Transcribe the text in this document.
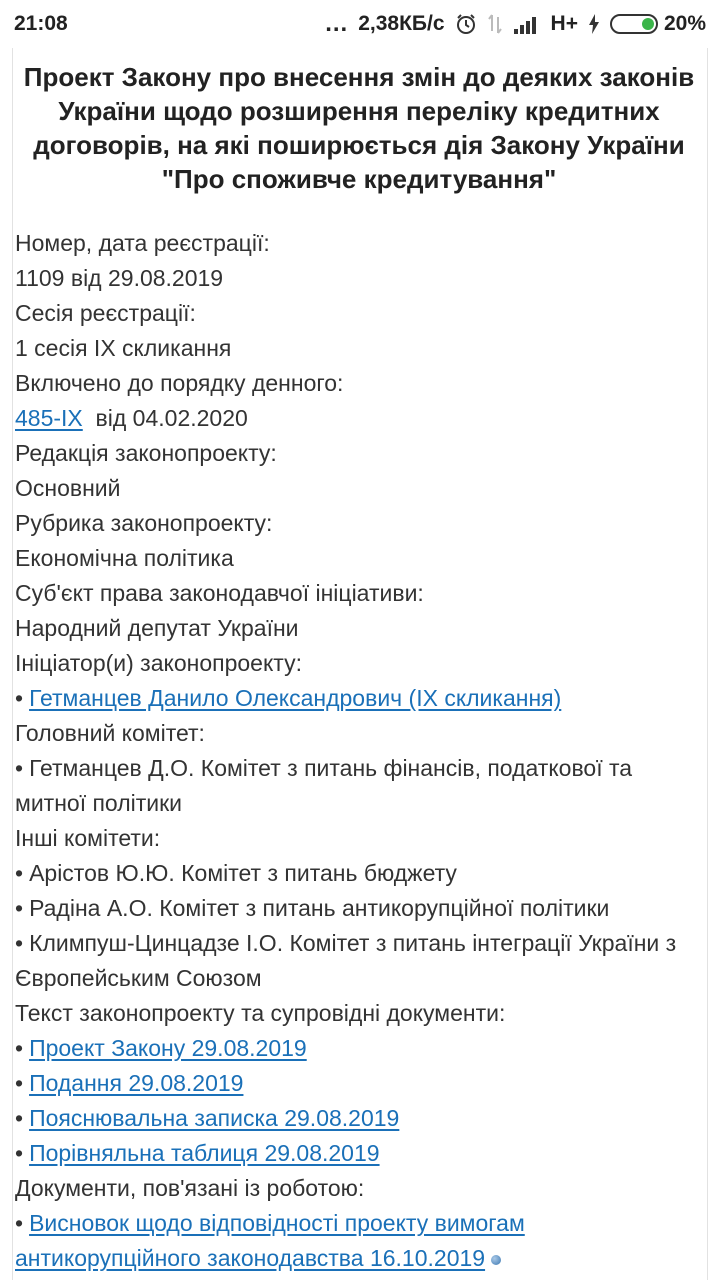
21:08	... 2,38КБ/с	H+	20%
Проект Закону про внесення змін до деяких законів України щодо розширення переліку кредитних договорів, на які поширюється дія Закону України "Про споживче кредитування"
Номер, дата реєстрації:
1109 від 29.08.2019
Сесія реєстрації:
1 сесія IX скликання
Включено до порядку денного:
485-IX від 04.02.2020
Редакція законопроекту:
Основний
Рубрика законопроекту:
Економічна політика
Суб'єкт права законодавчої ініціативи:
Народний депутат України
Ініціатор(и) законопроекту:
• Гетманцев Данило Олександрович (IX скликання)
Головний комітет:
• Гетманцев Д.О. Комітет з питань фінансів, податкової та митної політики
Інші комітети:
• Арістов Ю.Ю. Комітет з питань бюджету
• Радіна А.О. Комітет з питань антикорупційної політики
• Климпуш-Цинцадзе І.О. Комітет з питань інтеграції України з Європейським Союзом
Текст законопроекту та супровідні документи:
• Проект Закону 29.08.2019
• Подання 29.08.2019
• Пояснювальна записка 29.08.2019
• Порівняльна таблиця 29.08.2019
Документи, пов'язані із роботою:
• Висновок щодо відповідності проекту вимогам антикорупційного законодавства 16.10.2019
